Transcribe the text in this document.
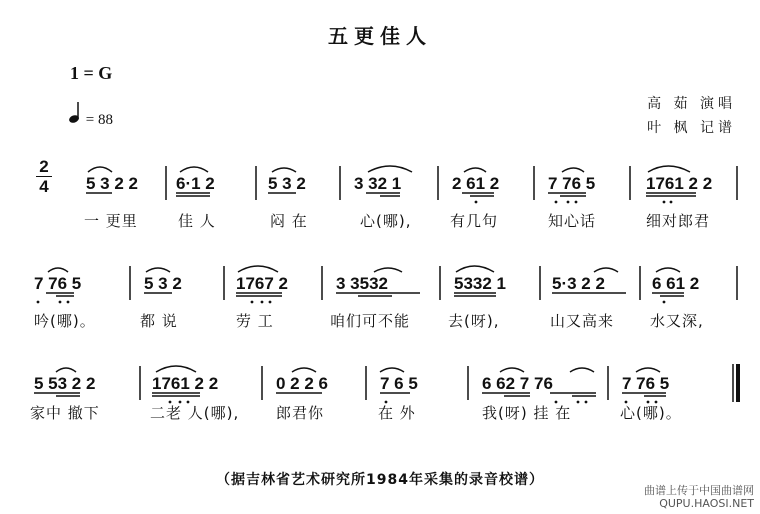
五更佳人
1 = G
= 88
高 茹 演唱
叶 枫 记谱
2
4 5 3 2 2 6·1 2	5 3 2	3 32 1	2 61 2	7 76 5	1761 2 2
一 更里	佳 人	闷 在	心(哪),	有几句	知心话	细对郎君
7 76 5	5 3 2	1767 2	3 3532	5332 1	5·3 2 2	6 61 2
吟(哪)。	都 说	劳 工	咱们可不能	去(呀),	山又高来 水又深,
5 53 2 2	1761 2 2	0 2 2 6	7 6 5	6 62 7 76	7 76 5
家中 撤下	二老 人(哪), 郎君你	在 外	我(呀) 挂 在	心(哪)。
（据吉林省艺术研究所1984年采集的录音校谱）
曲谱上传于中国曲谱网
QUPU.HAOSI.NET
